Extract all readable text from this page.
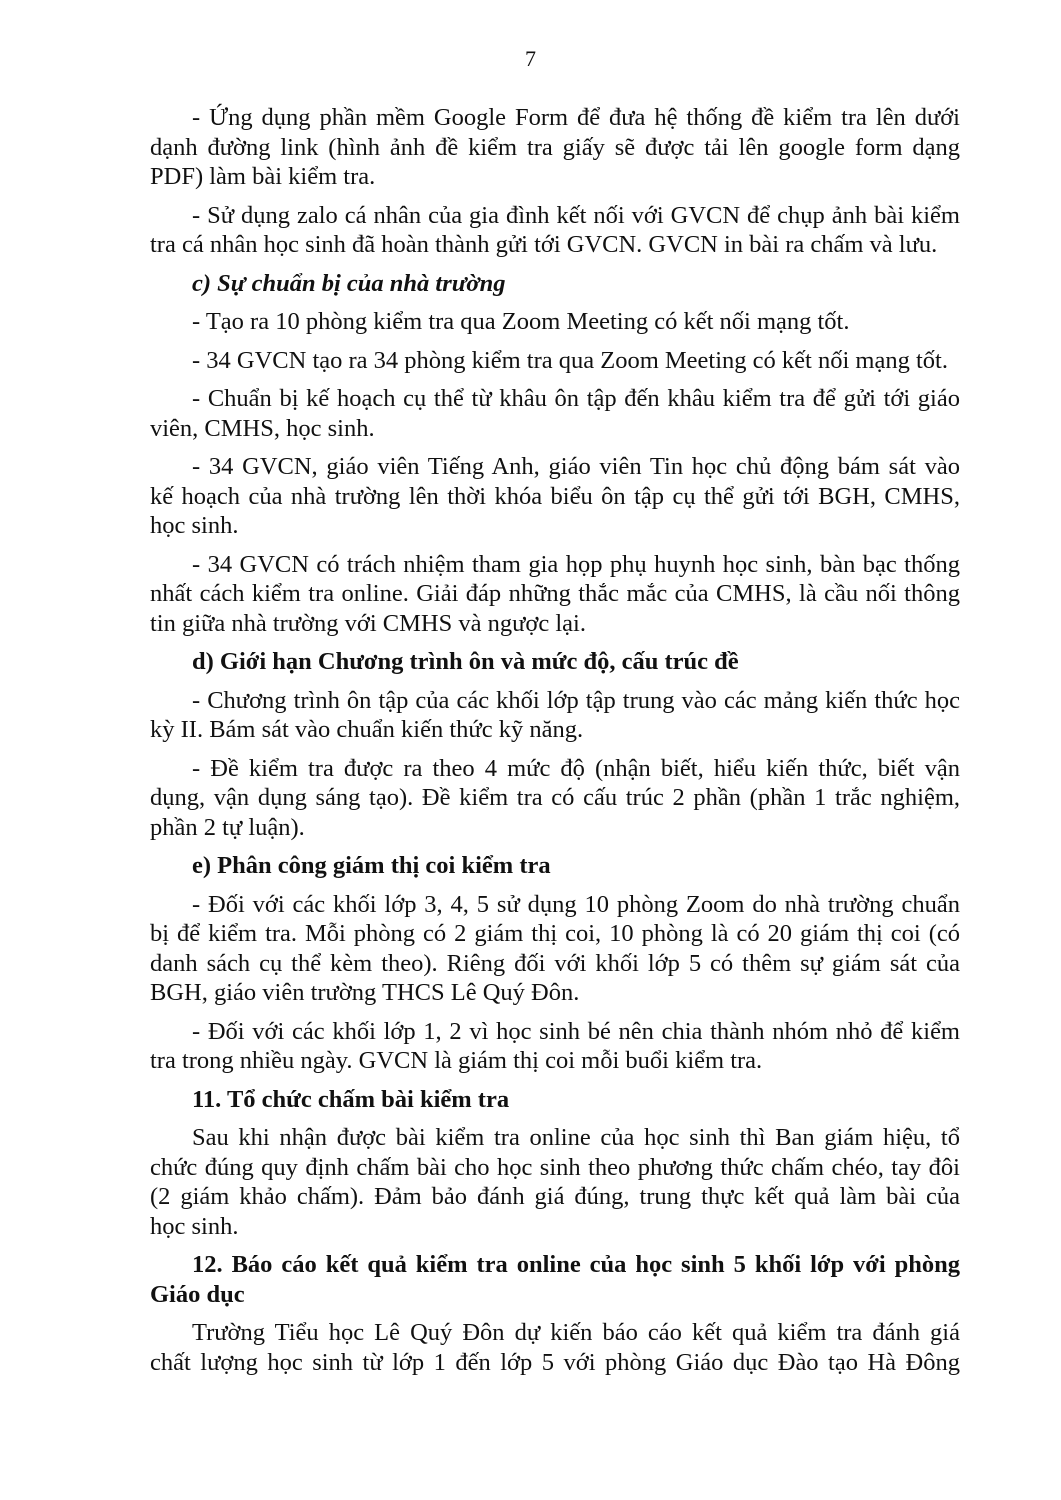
7

- Ứng dụng phần mềm Google Form để đưa hệ thống đề kiểm tra lên dưới
dạnh đường link (hình ảnh đề kiểm tra giấy sẽ được tải lên google form dạng
PDF) làm bài kiểm tra.

- Sử dụng zalo cá nhân của gia đình kết nối với GVCN để chụp ảnh bài kiểm
tra cá nhân học sinh đã hoàn thành gửi tới GVCN. GVCN in bài ra chấm và lưu.

c) Sự chuẩn bị của nhà trường

- Tạo ra 10 phòng kiểm tra qua Zoom Meeting có kết nối mạng tốt.

- 34 GVCN tạo ra 34 phòng kiểm tra qua Zoom Meeting có kết nối mạng tốt.

- Chuẩn bị kế hoạch cụ thể từ khâu ôn tập đến khâu kiểm tra để gửi tới giáo
viên, CMHS, học sinh.

- 34 GVCN, giáo viên Tiếng Anh, giáo viên Tin học chủ động bám sát vào
kế hoạch của nhà trường lên thời khóa biểu ôn tập cụ thể gửi tới BGH, CMHS,
học sinh.

- 34 GVCN có trách nhiệm tham gia họp phụ huynh học sinh, bàn bạc thống
nhất cách kiểm tra online. Giải đáp những thắc mắc của CMHS, là cầu nối thông
tin giữa nhà trường với CMHS và ngược lại.

d) Giới hạn Chương trình ôn và mức độ, cấu trúc đề

- Chương trình ôn tập của các khối lớp tập trung vào các mảng kiến thức học
kỳ II. Bám sát vào chuẩn kiến thức kỹ năng.

- Đề kiểm tra được ra theo 4 mức độ (nhận biết, hiểu kiến thức, biết vận
dụng, vận dụng sáng tạo). Đề kiểm tra có cấu trúc 2 phần (phần 1 trắc nghiệm,
phần 2 tự luận).

e) Phân công giám thị coi kiểm tra

- Đối với các khối lớp 3, 4, 5 sử dụng 10 phòng Zoom do nhà trường chuẩn
bị để kiểm tra. Mỗi phòng có 2 giám thị coi, 10 phòng là có 20 giám thị coi (có
danh sách cụ thể kèm theo). Riêng đối với khối lớp 5 có thêm sự giám sát của
BGH, giáo viên trường THCS Lê Quý Đôn.

- Đối với các khối lớp 1, 2 vì học sinh bé nên chia thành nhóm nhỏ để kiểm
tra trong nhiều ngày. GVCN là giám thị coi mỗi buổi kiểm tra.

11. Tổ chức chấm bài kiểm tra

Sau khi nhận được bài kiểm tra online của học sinh thì Ban giám hiệu, tổ
chức đúng quy định chấm bài cho học sinh theo phương thức chấm chéo, tay đôi
(2 giám khảo chấm). Đảm bảo đánh giá đúng, trung thực kết quả làm bài của
học sinh.

12. Báo cáo kết quả kiểm tra online của học sinh 5 khối lớp với phòng
Giáo dục

Trường Tiểu học Lê Quý Đôn dự kiến báo cáo kết quả kiểm tra đánh giá
chất lượng học sinh từ lớp 1 đến lớp 5 với phòng Giáo dục Đào tạo Hà Đông
